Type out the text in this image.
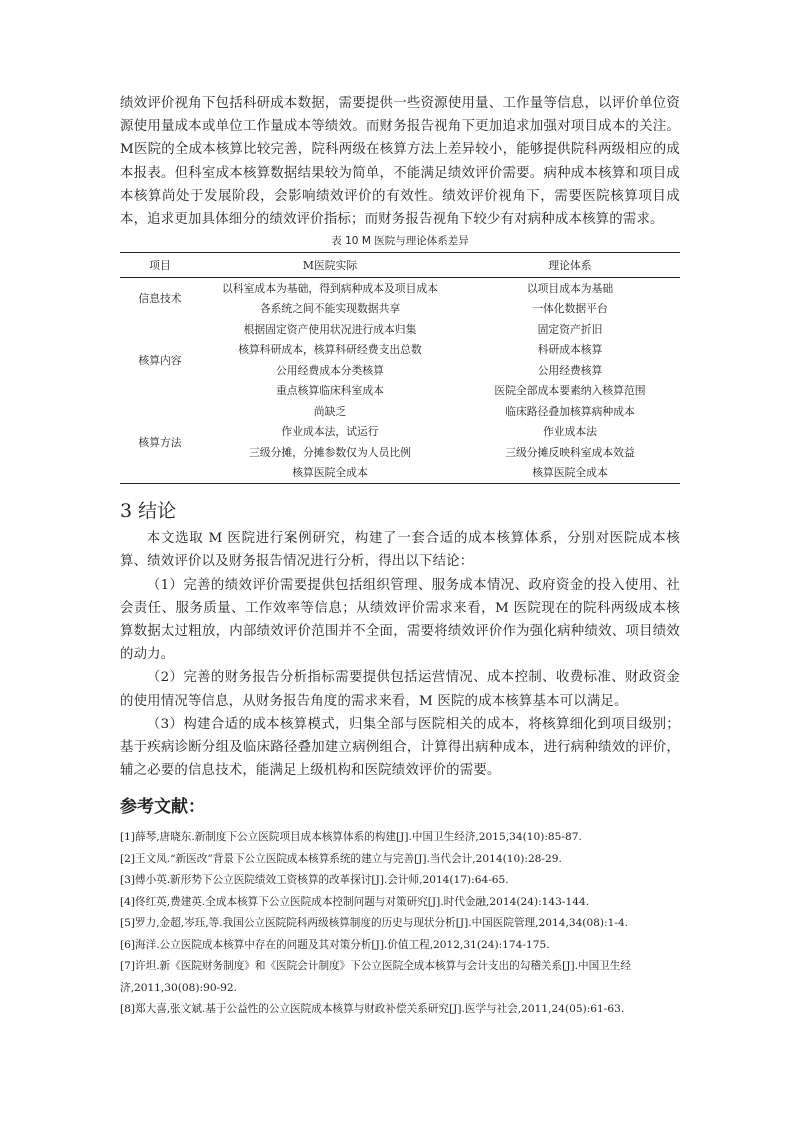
绩效评价视角下包括科研成本数据，需要提供一些资源使用量、工作量等信息，以评价单位资源使用量成本或单位工作量成本等绩效。而财务报告视角下更加追求加强对项目成本的关注。M医院的全成本核算比较完善，院科两级在核算方法上差异较小，能够提供院科两级相应的成本报表。但科室成本核算数据结果较为简单，不能满足绩效评价需要。病种成本核算和项目成本核算尚处于发展阶段，会影响绩效评价的有效性。绩效评价视角下，需要医院核算项目成本，追求更加具体细分的绩效评价指标；而财务报告视角下较少有对病种成本核算的需求。

表 10 M 医院与理论体系差异
项目	M医院实际	理论体系
信息技术	以科室成本为基础，得到病种成本及项目成本	以项目成本为基础
	各系统之间不能实现数据共享	一体化数据平台
核算内容	根据固定资产使用状况进行成本归集	固定资产折旧
	核算科研成本，核算科研经费支出总数	科研成本核算
	公用经费成本分类核算	公用经费核算
	重点核算临床科室成本	医院全部成本要素纳入核算范围
核算方法	尚缺乏	临床路径叠加核算病种成本
	作业成本法，试运行	作业成本法
	三级分摊，分摊参数仅为人员比例	三级分摊反映科室成本效益
	核算医院全成本	核算医院全成本
3 结论

本文选取 M 医院进行案例研究，构建了一套合适的成本核算体系，分别对医院成本核算、绩效评价以及财务报告情况进行分析，得出以下结论：

（1）完善的绩效评价需要提供包括组织管理、服务成本情况、政府资金的投入使用、社会责任、服务质量、工作效率等信息；从绩效评价需求来看，M 医院现在的院科两级成本核算数据太过粗放，内部绩效评价范围并不全面，需要将绩效评价作为强化病种绩效、项目绩效的动力。

（2）完善的财务报告分析指标需要提供包括运营情况、成本控制、收费标准、财政资金的使用情况等信息，从财务报告角度的需求来看，M 医院的成本核算基本可以满足。

（3）构建合适的成本核算模式，归集全部与医院相关的成本，将核算细化到项目级别；基于疾病诊断分组及临床路径叠加建立病例组合，计算得出病种成本，进行病种绩效的评价，辅之必要的信息技术，能满足上级机构和医院绩效评价的需要。

参考文献：

[1]薛琴,唐晓东.新制度下公立医院项目成本核算体系的构建[J].中国卫生经济,2015,34(10):85-87.

[2]王文凤.“新医改”背景下公立医院成本核算系统的建立与完善[J].当代会计,2014(10):28-29.

[3]傅小英.新形势下公立医院绩效工资核算的改革探讨[J].会计师,2014(17):64-65.

[4]佟红英,费建英.全成本核算下公立医院成本控制问题与对策研究[J].时代金融,2014(24):143-144.

[5]罗力,金超,岑珏,等.我国公立医院院科两级核算制度的历史与现状分析[J].中国医院管理,2014,34(08):1-4.

[6]海洋.公立医院成本核算中存在的问题及其对策分析[J].价值工程,2012,31(24):174-175.

[7]许坦.新《医院财务制度》和《医院会计制度》下公立医院全成本核算与会计支出的勾稽关系[J].中国卫生经济,2011,30(08):90-92.

[8]郑大喜,张文斌.基于公益性的公立医院成本核算与财政补偿关系研究[J].医学与社会,2011,24(05):61-63.
